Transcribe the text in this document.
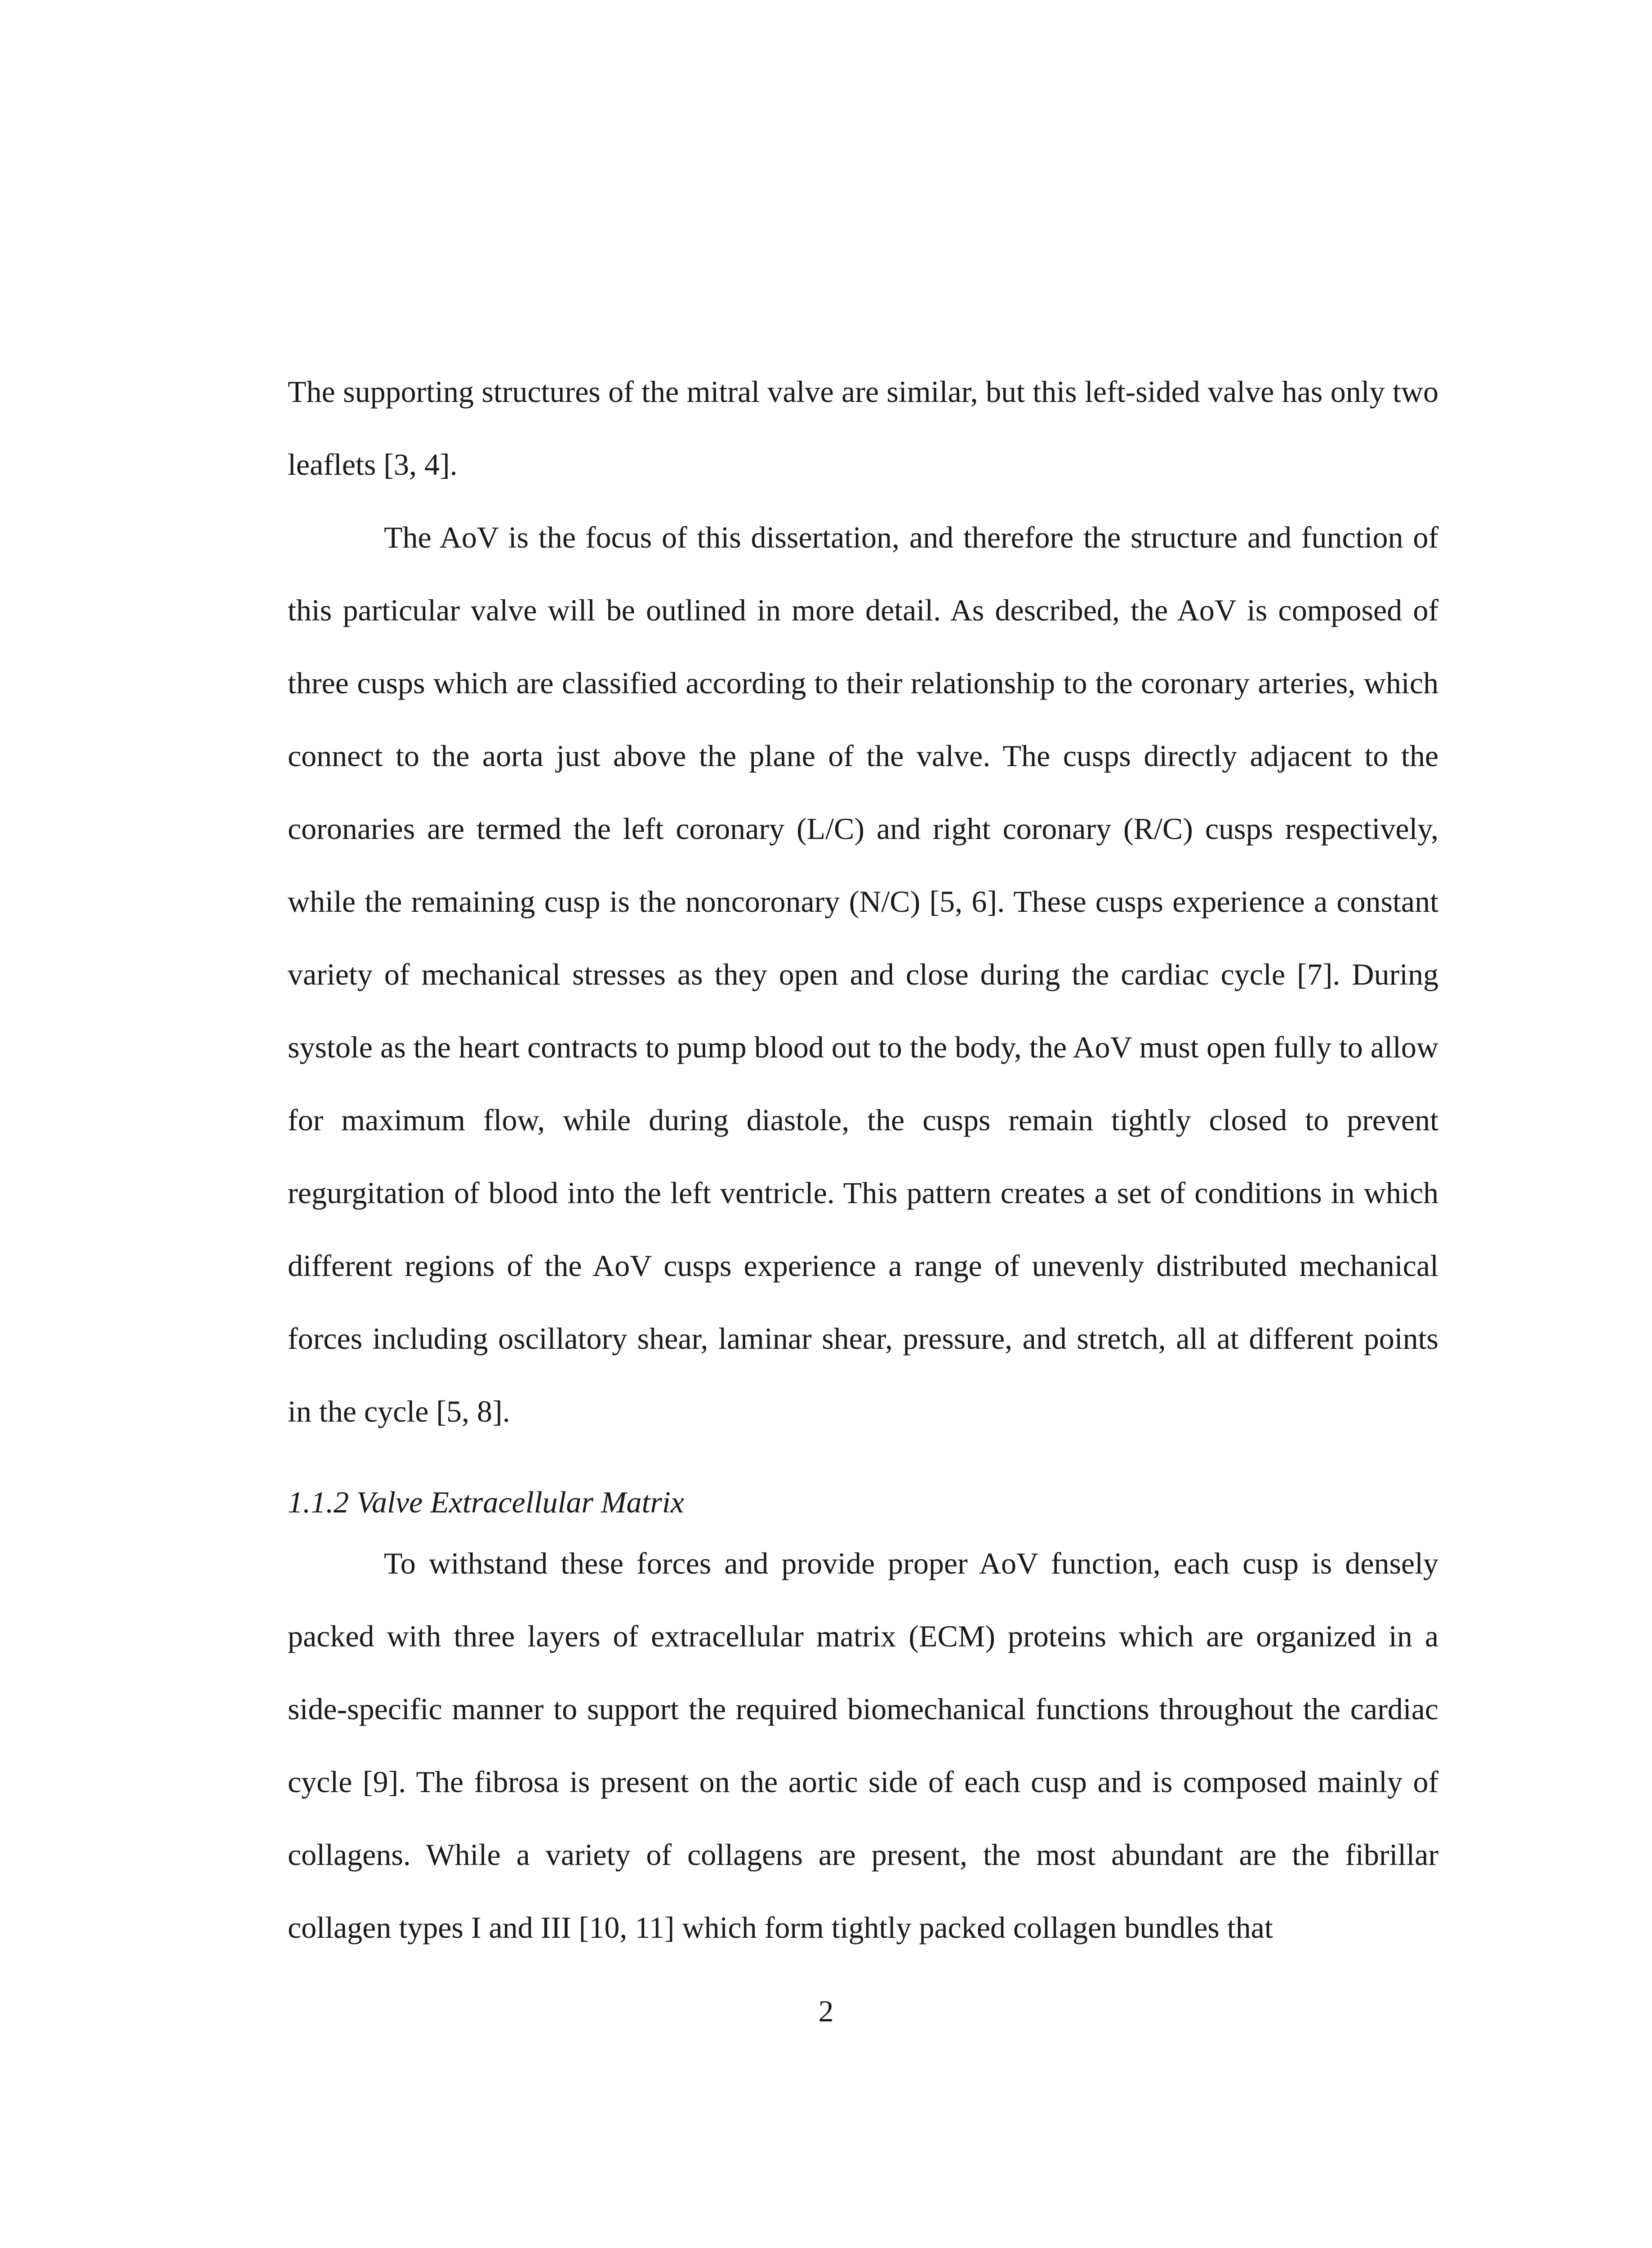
The supporting structures of the mitral valve are similar, but this left-sided valve has only two leaflets [3, 4].

The AoV is the focus of this dissertation, and therefore the structure and function of this particular valve will be outlined in more detail. As described, the AoV is composed of three cusps which are classified according to their relationship to the coronary arteries, which connect to the aorta just above the plane of the valve. The cusps directly adjacent to the coronaries are termed the left coronary (L/C) and right coronary (R/C) cusps respectively, while the remaining cusp is the noncoronary (N/C) [5, 6]. These cusps experience a constant variety of mechanical stresses as they open and close during the cardiac cycle [7]. During systole as the heart contracts to pump blood out to the body, the AoV must open fully to allow for maximum flow, while during diastole, the cusps remain tightly closed to prevent regurgitation of blood into the left ventricle. This pattern creates a set of conditions in which different regions of the AoV cusps experience a range of unevenly distributed mechanical forces including oscillatory shear, laminar shear, pressure, and stretch, all at different points in the cycle [5, 8].

1.1.2 Valve Extracellular Matrix

To withstand these forces and provide proper AoV function, each cusp is densely packed with three layers of extracellular matrix (ECM) proteins which are organized in a side-specific manner to support the required biomechanical functions throughout the cardiac cycle [9]. The fibrosa is present on the aortic side of each cusp and is composed mainly of collagens. While a variety of collagens are present, the most abundant are the fibrillar collagen types I and III [10, 11] which form tightly packed collagen bundles that

2
